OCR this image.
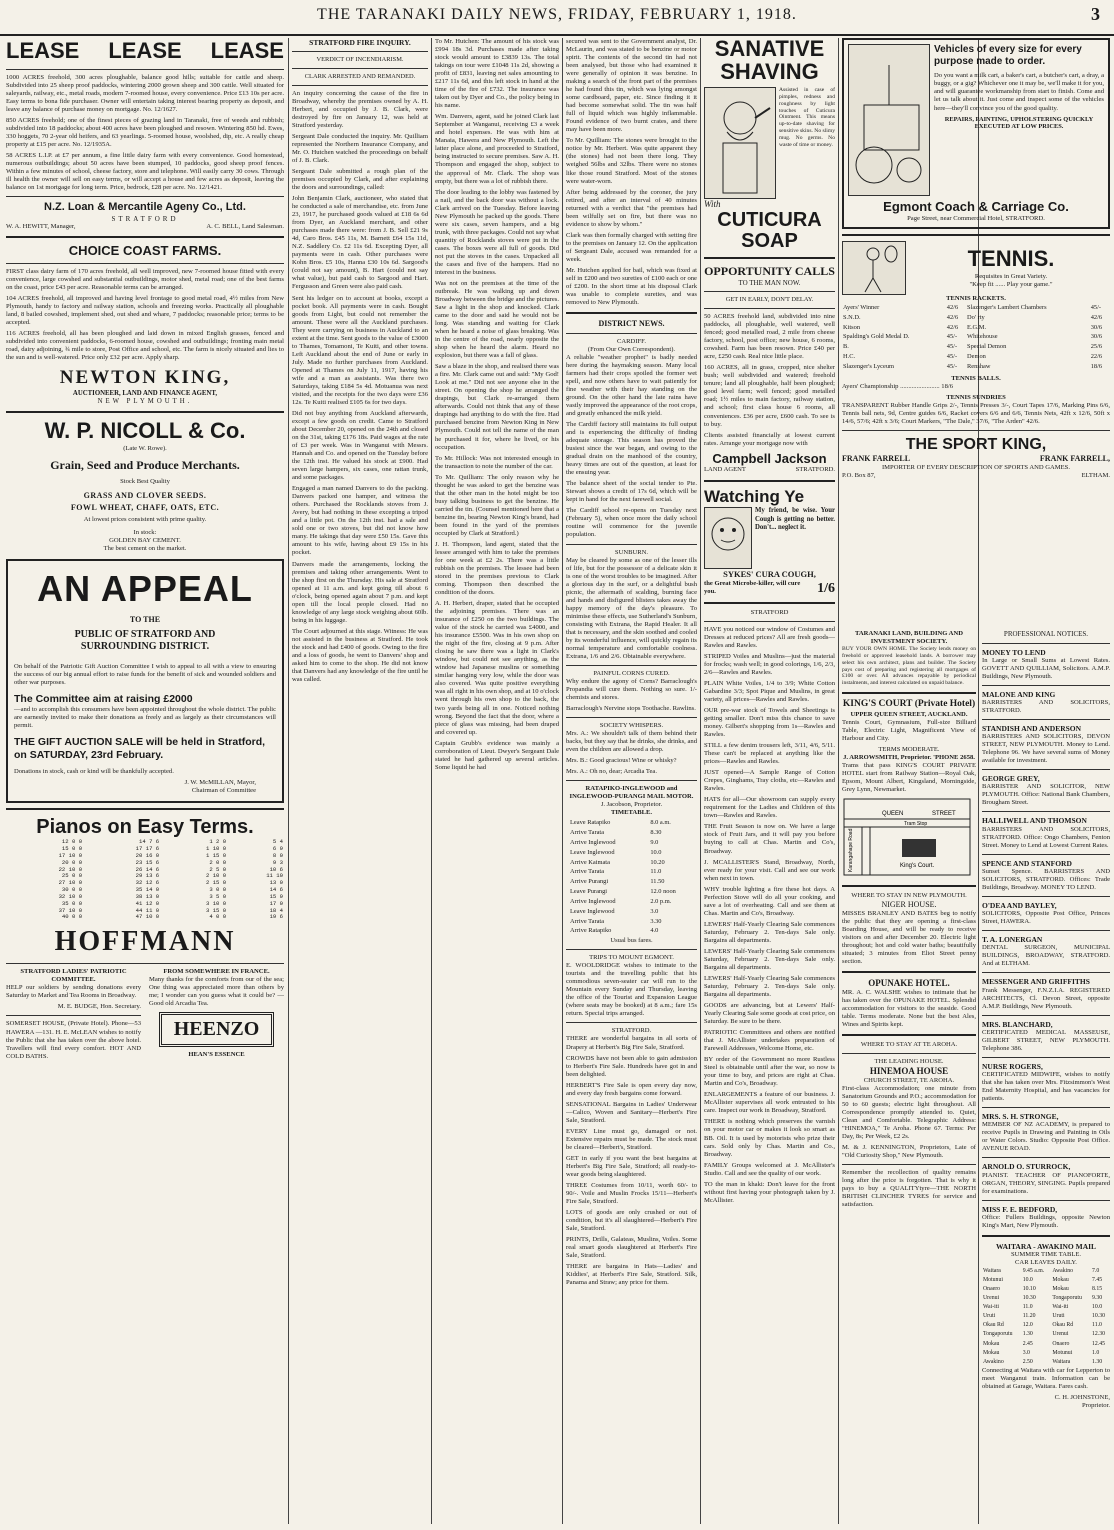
THE TARANAKI DAILY NEWS, FRIDAY, FEBRUARY 1, 1918.	3
LEASE LEASE LEASE

1000 ACRES freehold, 300 acres ploughable, balance good hills; suitable for cattle and sheep. Subdivided into 25 sheep proof paddocks, wintering 2000 grown sheep and 300 cattle. Well situated for saleyards, railway, etc., metal roads, modern 7-roomed house, every convenience. Price £13 10s per acre. Easy terms to bona fide purchaser. Owner will entertain taking interest bearing property as deposit, and leave any balance of purchase money on mortgage. No. 12/1627.

850 ACRES freehold; one of the finest pieces of grazing land in Taranaki, free of weeds and rubbish; subdivided into 18 paddocks; about 400 acres have been ploughed and resown. Wintering 850 hd. Ewes, 330 hoggets, 70 2-year old heifers, and 63 yearlings. 5-roomed house, woolshed, dip, etc. A really cheap property at £15 per acre. No. 12/1935A.

58 ACRES L.I.P. at £7 per annum, a fine little dairy farm with every convenience. Good homestead, numerous outbuildings; about 50 acres have been stumped, 10 paddocks, good sheep proof fences. Within a few minutes of school, cheese factory, store and telephone. Will easily carry 30 cows. Through ill health the owner will sell on easy terms, or will accept a house and few acres as deposit, leaving the balance on 1st mortgage for long term. Price, bedrock, £28 per acre. No. 12/1421.

N.Z. Loan & Mercantile Ageny Co., Ltd.
STRATFORD
W. A. HEWITT, Manager,	A. C. BELL, Land Salesman.
CHOICE COAST FARMS.

FIRST class dairy farm of 170 acres freehold, all well improved, new 7-roomed house fitted with every convenience, large cowshed and substantial outbuildings, motor shed, metal road; one of the best farms on the coast, price £43 per acre. Reasonable terms can be arranged.

104 ACRES freehold, all improved and having level frontage to good metal road, 4½ miles from New Plymouth, handy to factory and railway station, schools and freezing works. Practically all ploughable land, 8 bailed cowshed, implement shed, out shed and whare, 7 paddocks; reasonable price; terms to be accepted.

116 ACRES freehold, all has been ploughed and laid down in mixed English grasses, fenced and subdivided into convenient paddocks, 6-roomed house, cowshed and outbuildings; fronting main metal road, dairy adjoining, ¾ mile to store, Post Office and school, etc. The farm is nicely situated and lies to the sun and is well-watered. Price only £32 per acre. Apply sharp.

NEWTON KING,
AUCTIONEER, LAND AND FINANCE AGENT,
NEW PLYMOUTH.
W. P. NICOLL & Co.
(Late W. Rowe).
Grain, Seed and Produce Merchants.
Stock Best Quality
GRASS AND CLOVER SEEDS.
FOWL WHEAT, CHAFF, OATS, ETC.
At lowest prices consistent with prime quality.
In stock:
GOLDEN BAY CEMENT.
The best cement on the market.
AN APPEAL
TO THE
PUBLIC OF STRATFORD AND SURROUNDING DISTRICT.

On behalf of the Patriotic Gift Auction Committee I wish to appeal to all with a view to ensuring the success of our big annual effort to raise funds for the benefit of sick and wounded soldiers and other war purposes.

The Committee aim at raising £2000

—and to accomplish this consumers have been appointed throughout the whole district. The public are earnestly invited to make their donations as freely and as largely as their circumstances will permit.

THE GIFT AUCTION SALE will be held in Stratford, on SATURDAY, 23rd February.

Donations in stock, cash or kind will be thankfully accepted.

J. W. McMILLAN, Mayor,
Chairman of Committee
Pianos on Easy Terms.
12 0 0	14 7 6	1 2 0	5 4
15 0 0	17 17 6	1 10 0	6 9
17 10 0	20 16 0	1 15 0	8 0
20 0 0	23 15 6	2 0 0	9 3
22 10 0	26 14 6	2 5 0	10 6
25 0 0	29 13 6	2 10 0	11 10
27 10 0	32 12 6	2 15 0	13 0
30 0 0	35 14 0	3 0 0	14 6
32 10 0	38 13 0	3 5 0	15 9
35 0 0	41 12 0	3 10 0	17 0
37 10 0	44 11 0	3 15 0	18 4
40 0 0	47 10 0	4 0 0	19 6
HOFFMANN
STRATFORD LADIES' PATRIOTIC COMMITTEE.

HELP our soldiers by sending donations every Saturday to Market and Tea Rooms in Broadway.

M. E. BUDGE, Hon. Secretary.

SOMERSET HOUSE, (Private Hotel). Phone—53 HAWERA —131. H. E. McLEAN wishes to notify the Public that she has taken over the above hotel. Travellers will find every comfort. HOT AND COLD BATHS.

FROM SOMEWHERE IN FRANCE.

Many thanks for the comforts from our of the sea; One thing was appreciated more than others by me; I wonder can you guess what it could be? —Good old Arcadia Tea.

HEENZO
HEAN'S ESSENCE
STRATFORD FIRE INQUIRY.
VERDICT OF INCENDIARISM.
CLARK ARRESTED AND REMANDED.

An inquiry concerning the cause of the fire in Broadway, whereby the premises owned by A. H. Herbert, and occupied by J. B. Clark, were destroyed by fire on January 12, was held at Stratford yesterday.

Sergeant Dale conducted the inquiry. Mr. Quilliam represented the Northern Insurance Company, and Mr. O. Hutchen watched the proceedings on behalf of J. B. Clark.

Sergeant Dale submitted a rough plan of the premises occupied by Clark, and after explaining the doors and surroundings, called:

John Benjamin Clark, auctioneer, who stated that he conducted a sale of merchandise, etc. from June 23, 1917, he purchased goods valued at £18 6s 6d from Dyer, an Auckland merchant, and other purchases made there were: from J. B. Sell £21 9s 4d, Caro Bros. £45 11s, M. Barnett £64 15s 11d, N.Z. Saddlery Co. £2 11s 6d. Excepting Dyer, all payments were in cash. Other purchases were Kohn Bros. £5 10s, Hanna £30 10s 6d. Sargood's (could not say amount), B. Hart (could not say what value), but paid cash to Sargood and Hart. Fergusson and Green were also paid cash.

Sent his ledger on to account at books, except a pocket book. All payments were in cash. Bought goods from Light, but could not remember the amount. These were all the Auckland purchases. They were carrying on business in Auckland to an extent at the time. Sent goods to the value of £3000 to Thames, Tomamoni, Te Kuiti, and other towns. Left Auckland about the end of June or early in July. Made no further purchases from Auckland. Opened at Thames on July 11, 1917, having his wife and a man as assistants. Was there two Saturdays, taking £184 5s 4d. Motuanua was next visited, and the receipts for the two days were £36 12s. Te Kuiti realised £105 6s for two days.

Did not buy anything from Auckland afterwards, except a few goods on credit. Came to Stratford about December 20, opened on the 24th and closed on the 31st, taking £176 18s. Paid wages at the rate of £3 per week. Was in Wanganui with Messrs. Hannah and Co. and opened on the Tuesday before the 12th inst. He valued his stock at £900. Had seven large hampers, six cases, one rattan trunk, and some packages.

Engaged a man named Danvers to do the packing. Danvers packed one hamper, and witness the others. Purchased the Rocklands stoves from J. Avery, but had nothing in these excepting a tripod and a little pot. On the 12th inst. had a sale and sold one or two stoves, but did not know how many. He takings that day were £50 15s. Gave this amount to his wife, having about £9 15s in his pocket.

Danvers made the arrangements, locking the premises and taking other arrangements. Went to the shop first on the Thursday. His sale at Stratford opened at 11 a.m. and kept going till about 6 o'clock, being opened again about 7 p.m. and kept open till the local people closed. Had no knowledge of any large stock weighing about 60lb. being in his luggage.

The Court adjourned at this stage. Witness: He was not assisted in the business at Stratford. He took the stock and had £400 of goods. Owing to the fire and a loss of goods, he went to Danvers' shop and asked him to come to the shop. He did not know that Danvers had any knowledge of the fire until he was called.

To Mr. Hutchen: The amount of his stock was £994 18s 3d. Purchases made after taking stock would amount to £3839 13s. The total takings on tour were £1048 11s 2d, showing a profit of £831, leaving net sales amounting to £217 11s 6d, and this left stock in hand at the time of the fire of £732. The insurance was taken out by Dyer and Co., the policy being in his name.

Wm. Danvers, agent, said he joined Clark last September at Wanganui, receiving £3 a week and hotel expenses. He was with him at Manaia, Hawera and New Plymouth. Left the latter place alone, and proceeded to Stratford, being instructed to secure premises. Saw A. H. Thompson and engaged the shop, subject to the approval of Mr. Clark. The shop was empty, but there was a lot of rubbish there.

The door leading to the lobby was fastened by a nail, and the back door was without a lock. Clark arrived on the Tuesday. Before leaving New Plymouth he packed up the goods. There were six cases, seven hampers, and a big trunk, with three packages. Could not say what quantity of Rocklands stoves were put in the cases. The boxes were all full of goods. Did not put the stoves in the cases. Unpacked all the cases and five of the hampers. Had no interest in the business.

Was not on the premises at the time of the outbreak. He was walking up and down Broadway between the bridge and the pictures. Saw a light in the shop and knocked. Clark came to the door and said he would not be long. Was standing and waiting for Clark when he heard a noise of glass breaking. Was in the centre of the road, nearly opposite the shop when he heard the alarm. Heard no explosion, but there was a fall of glass.

Saw a blaze in the shop, and realised there was a fire. Mr. Clark came out and said: "My God! Look at me." Did not see anyone else in the street. On opening the shop he arranged the drapings, but Clark re-arranged them afterwards. Could not think that any of these drapings had anything to do with the fire. Had purchased benzine from Newton King in New Plymouth. Could not tell the name of the man he purchased it for, where he lived, or his occupation.

To Mr. Hillock: Was not interested enough in the transaction to note the number of the car.

To Mr. Quilliam: The only reason why he thought he was asked to get the benzine was that the other man in the hotel might be too busy talking business to get the benzine. He carried the tin. (Counsel mentioned here that a benzine tin, bearing Newton King's brand, had been found in the yard of the premises occupied by Clark at Stratford.)

J. H. Thompson, land agent, stated that the lessee arranged with him to take the premises for one week at £2 2s. There was a little rubbish on the premises. The lessee had been stored in the premises previous to Clark coming. Thompson then described the condition of the doors.

A. H. Herbert, draper, stated that he occupied the adjoining premises. There was an insurance of £250 on the two buildings. The value of the stock he carried was £4000, and his insurance £5500. Was in his own shop on the night of the fire, closing at 9 p.m. After closing he saw there was a light in Clark's window, but could not see anything, as the window had Japanese muslins or something similar hanging very low, while the door was also covered. Was quite positive everything was all right in his own shop, and at 10 o'clock went through his own shop to the back, the two yards being all in one. Noticed nothing wrong. Beyond the fact that the door, where a piece of glass was missing, had been draped and covered up.

Captain Grubb's evidence was mainly a corroboration of Lieut. Dwyer's Sergeant Dale stated he had gathered up several articles. Some liquid he had

secured was sent to the Government analyst, Dr. McLaurin, and was stated to be benzine or motor spirit. The contents of the second tin had not been analysed, but those who had examined it were generally of opinion it was benzine. In making a search of the front part of the premises he had found this tin, which was lying amongst some cardboard, paper, etc. Since finding it it had become somewhat solid. The tin was half full of liquid which was highly inflammable. Found evidence of two burnt crates, and there may have been more.

To Mr. Quilliam: The stones were brought to the notice by Mr. Herbert. Was quite apparent they (the stones) had not been there long. They weighed 56lbs and 32lbs. There were no stones like those round Stratford. Most of the stones were water-worn.

After being addressed by the coroner, the jury retired, and after an interval of 40 minutes returned with a verdict that "the premises had been wilfully set on fire, but there was no evidence to show by whom."

Clark was then formally charged with setting fire to the premises on January 12. On the application of Sergeant Dale, accused was remanded for a week.

Mr. Hutchen applied for bail, which was fixed at self in £200 and two sureties of £100 each or one of £200. In the short time at his disposal Clark was unable to complete sureties, and was removed to New Plymouth.

DISTRICT NEWS.
CARDIFF.
(From Our Own Correspondent).

A reliable "weather prophet" is badly needed here during the haymaking season. Many local farmers had their crops spoiled the former wet spell, and now others have to wait patiently for fine weather with their hay standing on the ground. On the other hand the late rains have vastly improved the appearance of the root crops, and greatly enhanced the milk yield.

The Cardiff factory still maintains its full output and is experiencing the difficulty of finding adequate storage. This season has proved the busiest since the war began, and owing to the gradual drain on the manhood of the country, heavy times are out of the question, at least for the ensuing year.

The balance sheet of the social tender to Pte. Stewart shows a credit of 17s 6d, which will be kept in hand for the next farewell social.

The Cardiff school re-opens on Tuesday next (February 5), when once more the daily school routine will commence for the juvenile population.

SUNBURN.

May be cleared by some as one of the lesser ills of life, but for the possessor of a delicate skin it is one of the worst troubles to be imagined. After a glorious day in the surf, or a delightful bush picnic, the aftermath of scalding, burning face and hands and disfigured blisters takes away the happy memory of the day's pleasure. To minimise these effects, use Sutherland's Sunburn, consisting with Extrana, the Rapid Healer. It all that is necessary, and the skin soothed and cooled by its wonderful influence, will quickly regain its normal temperature and comfortable coolness. Extrana, 1/6 and 2/6. Obtainable everywhere.

PAINFUL CORNS CURED.

Why endure the agony of Corns? Barraclough's Propandia will cure them. Nothing so sure. 1/- chemists and stores.

Barraclough's Nervine stops Toothache. Rawlins.

SOCIETY WHISPERS.

Mrs. A.: We shouldn't talk of them behind their backs, but they say that he drinks, she drinks, and even the children are allowed a drop.

Mrs. B.: Good gracious! Wine or whisky?

Mrs. A.: Oh no, dear; Arcadia Tea.

RATAPIKO-INGLEWOOD and INGLEWOOD-PURANGI MAIL MOTOR.
J. Jacobson, Proprietor.
TIMETABLE.
Leave Ratapiko	8.0 a.m.
Arrive Tarata	8.30
Arrive Inglewood	9.0
Leave Inglewood	10.0
Arrive Kaimata	10.20
Arrive Tarata	11.0
Arrive Purangi	11.50
Leave Purangi	12.0 noon
Arrive Inglewood	2.0 p.m.
Leave Inglewood	3.0
Arrive Tarata	3.30
Arrive Ratapiko	4.0
Usual bus fares.
TRIPS TO MOUNT EGMONT.

E. WOOLDRIDGE wishes to intimate to the tourists and the travelling public that his commodious seven-seater car will run to the Mountain every Sunday and Thursday, leaving the office of the Tourist and Expansion League (where seats may be booked) at 8 a.m.; fare 15s return. Special trips arranged.

STRATFORD.

THERE are wonderful bargains in all sorts of Drapery at Herbert's Big Fire Sale, Stratford.

CROWDS have not been able to gain admission to Herbert's Fire Sale. Hundreds have got in and been delighted.

HERBERT'S Fire Sale is open every day now, and every day fresh bargains come forward.

SENSATIONAL Bargains in Ladies' Underwear—Calico, Woven and Sanitary—Herbert's Fire Sale, Stratford.

EVERY Line must go, damaged or not. Extensive repairs must be made. The stock must be cleared—Herbert's, Stratford.

GET in early if you want the best bargains at Herbert's Big Fire Sale, Stratford; all ready-to-wear goods being slaughtered.

THREE Costumes from 10/11, worth 60/- to 90/-. Voile and Muslin Frocks 15/11—Herbert's Fire Sale, Stratford.

LOTS of goods are only crushed or out of condition, but it's all slaughtered—Herbert's Fire Sale, Stratford.

PRINTS, Drills, Galateas, Muslins, Voiles. Some real smart goods slaughtered at Herbert's Fire Sale, Stratford.

THERE are bargains in Hats—Ladies' and Kiddies', at Herbert's Fire Sale, Stratford. Silk, Panama and Straw; any price for them.

SANATIVE
SHAVING

Assisted in case of pimples, redness and roughness by light touches of Cuticura Ointment. This means up-to-date shaving for sensitive skins. No slimy mug. No germs. No waste of time or money.

With
CUTICURA
SOAP
OPPORTUNITY CALLS
TO THE MAN NOW.
GET IN EARLY, DON'T DELAY.

50 ACRES freehold land, subdivided into nine paddocks, all ploughable, well watered, well fenced; good metalled road, 2 mile from cheese factory, school, post office; new house, 6 rooms, cowshed. Farm has been resown. Price £40 per acre, £250 cash. Real nice little place.

160 ACRES, all in grass, cropped, nice shelter bush; well subdivided and watered; freehold tenure; land all ploughable, half been ploughed; good level farm; well fenced; good metalled road; 1½ miles to main factory, railway station, and school; first class house 6 rooms, all conveniences. £36 per acre, £600 cash. To see is to buy.

Clients assisted financially at lowest current rates. Arrange your mortgage now with

Campbell Jackson
LAND AGENT	STRATFORD.
Watching Ye

My friend, be wise. Your Cough is getting no better. Don't... neglect it.

SYKES' CURA COUGH,
the Great Microbe-killer, will cure you.	1/6
STRATFORD

HAVE you noticed our window of Costumes and Dresses at reduced prices? All are fresh goods—Rawles and Rawles.

STRIPED Voiles and Muslins—just the material for frocks; wash well; in good colorings, 1/6, 2/3, 2/6—Rawles and Rawles.

PLAIN White Voiles, 1/4 to 3/9; White Cotton Gabardine 3/3; Spot Pique and Muslins, in great variety, all prices—Rawles and Rawles.

OUR pre-war stock of Towels and Sheetings is getting smaller. Don't miss this chance to save money. Gilbert's shopping from 1s—Rawles and Rawles.

STILL a few denim trousers left, 3/11, 4/6, 5/11. These can't be replaced at anything like the prices—Rawles and Rawles.

JUST opened—A Sample Range of Cotton Crepes, Ginghams, Tray cloths, etc—Rawles and Rawles.

HATS for all—Our showroom can supply every requirement for the Ladies and Children of this town—Rawles and Rawles.

THE Fruit Season is now on. We have a large stock of Fruit Jars, and it will pay you before buying to call at Chas. Martin and Co's, Broadway.

J. MCALLISTER'S Stand, Broadway, North, ever ready for your visit. Call and see our work when next in town.

WHY trouble lighting a fire these hot days. A Perfection Stove will do all your cooking, and save a lot of overheating. Call and see them at Chas. Martin and Co's, Broadway.

LEWERS' Half-Yearly Clearing Sale commences Saturday, February 2. Ten-days Sale only. Bargains all departments.

LEWERS' Half-Yearly Clearing Sale commences Saturday, February 2. Ten-days Sale only. Bargains all departments.

LEWERS' Half-Yearly Clearing Sale commences Saturday, February 2. Ten-days Sale only. Bargains all departments.

GOODS are advancing, but at Lewers' Half-Yearly Clearing Sale some goods at cost price, on Saturday. Be sure to be there.

PATRIOTIC Committees and others are notified that J. McAllister undertakes preparation of Farewell Addresses, Welcome Home, etc.

BY order of the Government no more Rustless Steel is obtainable until after the war, so now is your time to buy, and prices are right at Chas. Martin and Co's, Broadway.

ENLARGEMENTS a feature of our business. J. McAllister supervises all work entrusted to his care. Inspect our work in Broadway, Stratford.

THERE is nothing which preserves the varnish on your motor car or makes it look so smart as BB. Oil. It is used by motorists who prize their cars. Sold only by Chas. Martin and Co., Broadway.

FAMILY Groups welcomed at J. McAllister's Studio. Call and see the quality of our work.

TO the man in khaki: Don't leave for the front without first having your photograph taken by J. McAllister.

Vehicles of every size for every purpose made to order.

Do you want a milk cart, a baker's cart, a butcher's cart, a dray, a buggy, or a gig? Whichever one it may be, we'll make it for you, and will guarantee workmanship from start to finish. Come and let us talk about it. Just come and inspect some of the vehicles here—they'll convince you of the good quality.

REPAIRS, PAINTING, UPHOLSTERING QUICKLY EXECUTED AT LOW PRICES.
Egmont Coach & Carriage Co.
Page Street, near Commercial Hotel, STRATFORD.
TENNIS.
Requisites in Great Variety.
"Keep fit ...... Play your game."
TENNIS RACKETS.
Ayers' Winner	42/6	Slazenger's Lambert Chambers	45/-
S.N.D.	42/6	Do' rty	42/6
Kitson	42/6	E.G.M.	30/6
Spalding's Gold Medal D.	45/-	Whitehouse	30/6
B.	45/-	Special Demon	25/6
H.C.	45/-	Demon	22/6
Slazenger's Lyceum	45/-	Renshaw	18/6
TENNIS BALLS.
Ayers' Championship ........................ 18/6
TENNIS SUNDRIES

TRANSPARENT Rubber Handle Grips 2/-, Tennis Presses 3/-, Court Tapes 17/6, Marking Pins 6/6, Tennis ball nets, 9d, Centre guides 6/6, Racket covers 6/6 and 6/6, Tennis Nets, 42ft x 12/6, 50ft x 14/6, 57/6; 42ft x 3/6; Court Markers, "The Dale," 37/6, "The Arden" 42/6.

THE SPORT KING,
FRANK FARRELL	FRANK FARRELL,
IMPORTER OF EVERY DESCRIPTION OF SPORTS AND GAMES.
P.O. Box 87,	ELTHAM.
TARANAKI LAND, BUILDING AND INVESTMENT SOCIETY.

BUY YOUR OWN HOME. The Society lends money on freehold or approved leasehold lands. A borrower may select his own architect, plans and builder. The Society pays cost of preparing and registering all mortgages of £100 or over. All advances repayable by periodical instalments, and interest calculated on unpaid balance.

KING'S COURT (Private Hotel)
UPPER QUEEN STREET, AUCKLAND.

Tennis Court, Gymnasium, Full-size Billiard Table, Electric Light, Magnificent View of Harbour and City.

TERMS MODERATE.
J. ARROWSMITH, Proprietor. 'PHONE 2658.

Trams that pass KING'S COURT PRIVATE HOTEL start from Railway Station—Royal Oak, Epsom, Mount Albert, Kingsland, Morningside, Grey Lynn, Newmarket.

QUEEN	STREET
King's Court.
Karangahape Road
Tram Stop
WHERE TO STAY IN NEW PLYMOUTH.
NIGER HOUSE.

MISSES BRANLEY AND BATES beg to notify the public that they are opening a first-class Boarding House, and will be ready to receive visitors on and after December 20. Electric light throughout; hot and cold water baths; beautifully situated; 3 minutes from Eliot Street penny section.

OPUNAKE HOTEL.

MR. A. C. WALSHE wishes to intimate that he has taken over the OPUNAKE HOTEL. Splendid accommodation for visitors to the seaside. Good table. Terms moderate. None but the best Ales, Wines and Spirits kept.

WHERE TO STAY AT TE AROHA.
THE LEADING HOUSE.
HINEMOA HOUSE
CHURCH STREET, TE AROHA.

First-class Accommodation; one minute from Sanatorium Grounds and P.O.; accommodation for 50 to 60 guests; electric light throughout. All Correspondence promptly attended to. Quiet, Clean and Comfortable. Telegraphic Address: "HINEMOA," Te Aroha. Phone 67. Terms: Per Day, 8s; Per Week, £2 2s.

M. & J. KENNINGTON, Proprietors, Late of "Old Curiosity Shop," New Plymouth.

Remember the recollection of quality remains long after the price is forgotten. That is why it pays to buy a QUALITYtyre—THE NORTH BRITISH CLINCHER TYRES for service and satisfaction.

PROFESSIONAL NOTICES.
MONEY TO LEND

In Large or Small Sums at Lowest Rates. GOVETT AND QUILLIAM, Solicitors. A.M.P. Buildings, New Plymouth.

MALONE AND KING

BARRISTERS AND SOLICITORS, STRATFORD.

STANDISH AND ANDERSON

BARRISTERS AND SOLICITORS, DEVON STREET, NEW PLYMOUTH. Money to Lend. Telephone 96. We have several sums of Money available for investment.

GEORGE GREY,

BARRISTER AND SOLICITOR, NEW PLYMOUTH. Office: National Bank Chambers, Brougham Street.

HALLIWELL AND THOMSON

BARRISTERS AND SOLICITORS, STRATFORD. Office: Ongo Chambers, Fenton Street. Money to Lend at Lowest Current Rates.

SPENCE AND STANFORD

Sunset Spence. BARRISTERS AND SOLICITORS, STRATFORD. Offices: Trade Buildings, Broadway. MONEY TO LEND.

O'DEA AND BAYLEY,

SOLICITORS, Opposite Post Office, Princes Street, HAWERA.

T. A. LONERGAN

DENTAL SURGEON, MUNICIPAL BUILDINGS, BROADWAY, STRATFORD. And at ELTHAM.

MESSENGER AND GRIFFITHS

Frank Messenger, F.N.Z.I.A. REGISTERED ARCHITECTS, Cl. Devon Street, opposite A.M.P. Buildings, New Plymouth.

MRS. BLANCHARD,

CERTIFICATED MEDICAL MASSEUSE, GILBERT STREET, NEW PLYMOUTH. Telephone 386.

NURSE ROGERS,

CERTIFICATED MIDWIFE, wishes to notify that she has taken over Mrs. Fitzsimmon's West End Maternity Hospital, and has vacancies for patients.

MRS. S. H. STRONGE,

MEMBER OF NZ ACADEMY, is prepared to receive Pupils in Drawing and Painting in Oils or Water Colors. Studio: Opposite Post Office. AVENUE ROAD.

ARNOLD O. STURROCK,

PIANIST. TEACHER OF PIANOFORTE, ORGAN, THEORY, SINGING. Pupils prepared for examinations.

MISS F. E. BEDFORD,

Office: Fullers Buildings, opposite Newton King's Mart, New Plymouth.

WAITARA - AWAKINO MAIL
SUMMER TIME TABLE.
CAR LEAVES DAILY.
Waitara	9.45 a.m.	Awakino	7.0
Motunui	10.0	Mokau	7.45
Onaero	10.10	Mokau	8.15
Urenui	10.30	Tongaporutu	9.30
Wai-iti	11.0	Wai-iti	10.0
Uruti	11.20	Uruti	10.30
Okau Rd	12.0	Okau Rd	11.0
Tongaporutu	1.30	Urenui	12.30
Mokau	2.45	Onaero	12.45
Mokau	3.0	Motunui	1.0
Awakino	2.50	Waitara	1.30

Connecting at Waitara with car for Lepperton to meet Wanganui train. Information can be obtained at Garage, Waitara. Fares cash.

C. H. JOHNSTONE,
Proprietor.
